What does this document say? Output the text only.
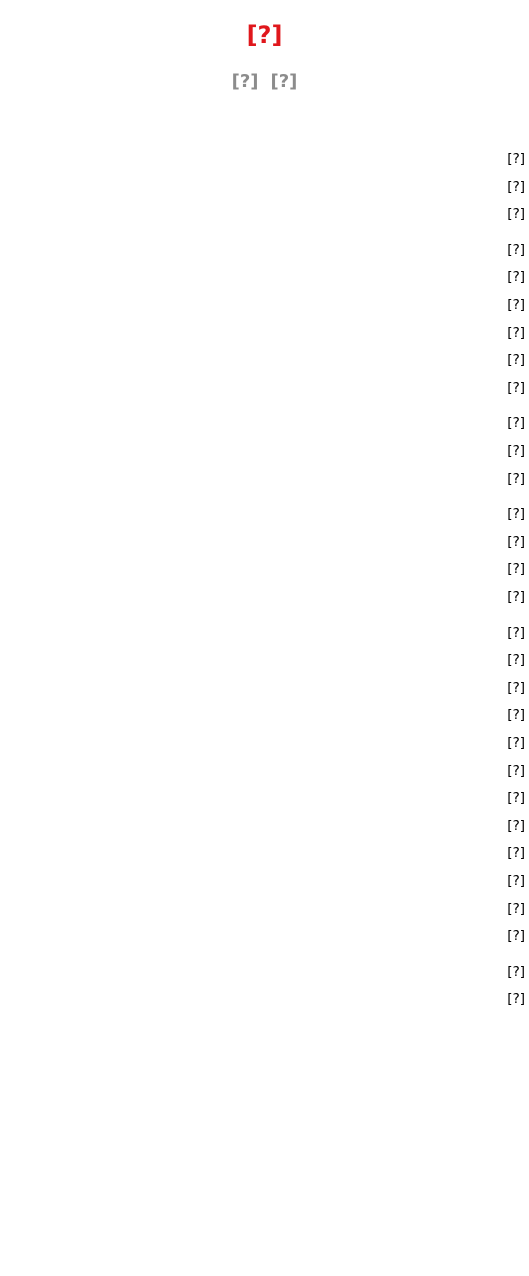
[?]
[?][?]
[?]
[?]
[?]
[?]
[?]
[?]
[?]
[?]
[?]
[?]
[?]
[?]
[?]
[?]
[?]
[?]
[?]
[?]
[?]
[?]
[?]
[?]
[?]
[?]
[?]
[?]
[?]
[?]
[?]
[?]
